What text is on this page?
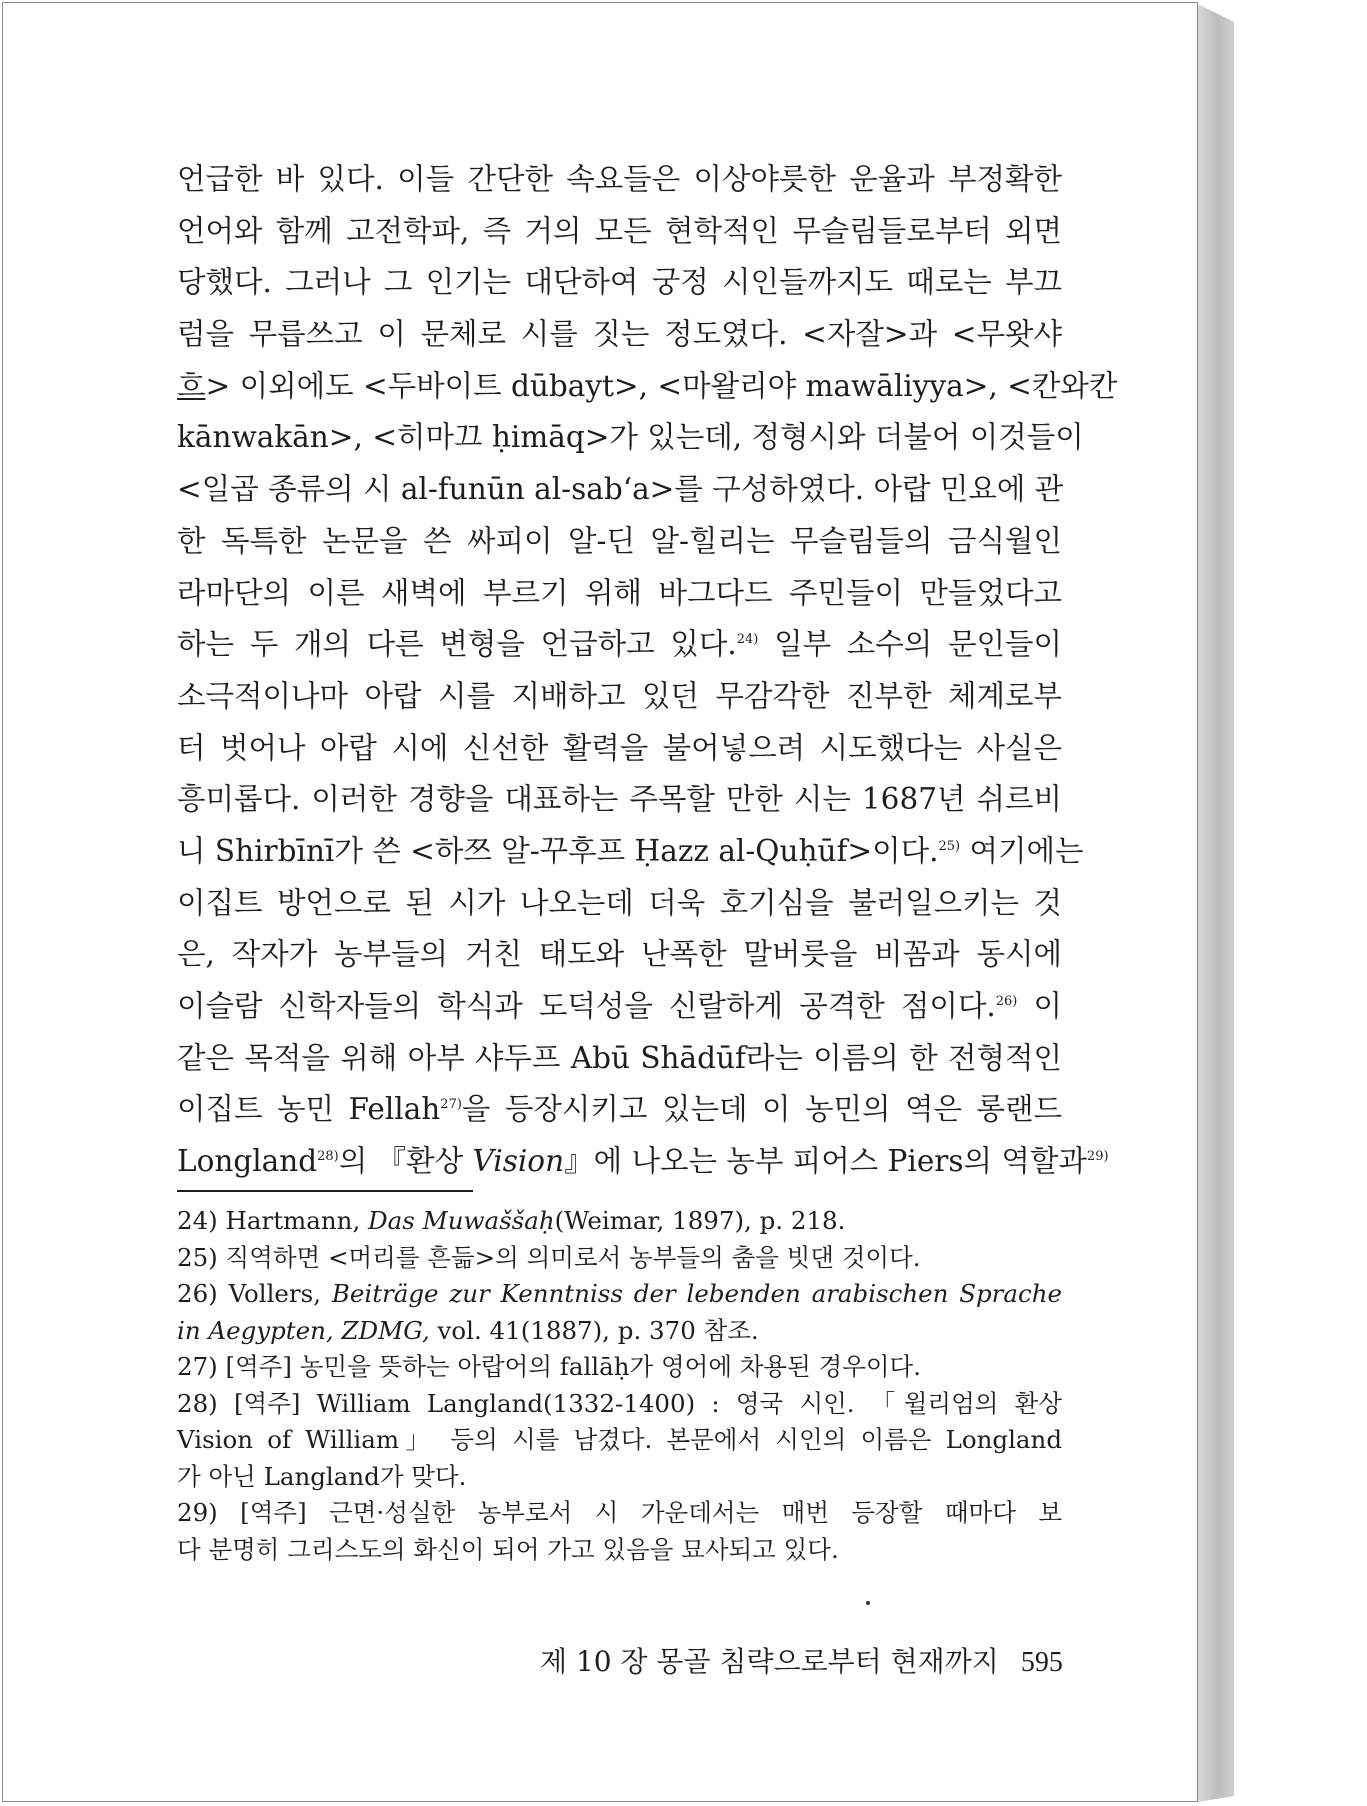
언급한 바 있다. 이들 간단한 속요들은 이상야릇한 운율과 부정확한
언어와 함께 고전학파, 즉 거의 모든 현학적인 무슬림들로부터 외면
당했다. 그러나 그 인기는 대단하여 궁정 시인들까지도 때로는 부끄
럼을 무릅쓰고 이 문체로 시를 짓는 정도였다. <자잘>과 <무왓샤
흐> 이외에도 <두바이트 dūbayt>, <마왈리야 mawāliyya>, <칸와칸
kānwakān>, <히마끄 ḥimāq>가 있는데, 정형시와 더불어 이것들이
<일곱 종류의 시 al-funūn al-sabʻa>를 구성하였다. 아랍 민요에 관
한 독특한 논문을 쓴 싸피이 알-딘 알-힐리는 무슬림들의 금식월인
라마단의 이른 새벽에 부르기 위해 바그다드 주민들이 만들었다고
하는 두 개의 다른 변형을 언급하고 있다.$^{24)}$ 일부 소수의 문인들이
소극적이나마 아랍 시를 지배하고 있던 무감각한 진부한 체계로부
터 벗어나 아랍 시에 신선한 활력을 불어넣으려 시도했다는 사실은
흥미롭다. 이러한 경향을 대표하는 주목할 만한 시는 1687년 쉬르비
니 Shirbīnī가 쓴 <하쯔 알-꾸후프 Ḥazz al-Quḥūf>이다.$^{25)}$ 여기에는
이집트 방언으로 된 시가 나오는데 더욱 호기심을 불러일으키는 것
은, 작자가 농부들의 거친 태도와 난폭한 말버릇을 비꼼과 동시에
이슬람 신학자들의 학식과 도덕성을 신랄하게 공격한 점이다.$^{26)}$ 이
같은 목적을 위해 아부 샤두프 Abū Shādūf라는 이름의 한 전형적인
이집트 농민 Fellah$^{27)}$을 등장시키고 있는데 이 농민의 역은 롱랜드
Longland$^{28)}$의 『환상 Vision』에 나오는 농부 피어스 Piers의 역할과$^{29)}$
24) Hartmann, Das Muwaššaḥ(Weimar, 1897), p. 218.
25) 직역하면 <머리를 흔듦>의 의미로서 농부들의 춤을 빗댄 것이다.
26) Vollers, Beiträge zur Kenntniss der lebenden arabischen Sprache
in Aegypten, ZDMG, vol. 41(1887), p. 370 참조.
27) [역주] 농민을 뜻하는 아랍어의 fallāḥ가 영어에 차용된 경우이다.
28) [역주] William Langland(1332-1400) : 영국 시인. 「윌리엄의 환상
Vision of William」 등의 시를 남겼다. 본문에서 시인의 이름은 Longland
가 아닌 Langland가 맞다.
29) [역주] 근면·성실한 농부로서 시 가운데서는 매번 등장할 때마다 보
다 분명히 그리스도의 화신이 되어 가고 있음을 묘사되고 있다.
제 10 장 몽골 침략으로부터 현재까지 595
